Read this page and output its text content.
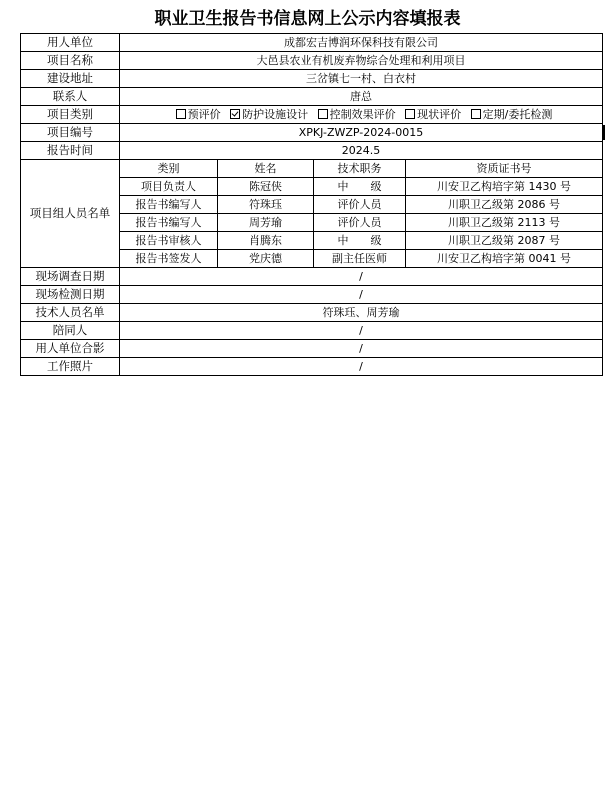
职业卫生报告书信息网上公示内容填报表
用人单位	成都宏吉博润环保科技有限公司			
项目名称	大邑县农业有机废弃物综合处理和利用项目			
建设地址	三岔镇七一村、白衣村			
联系人	唐总			
项目类别	预评价 防护设施设计 控制效果评价 现状评价 定期/委托检测			
项目编号	XPKJ-ZWZP-2024-0015			
报告时间	2024.5			
项目组人员名单	类别	姓名	技术职务	资质证书号
	项目负责人	陈冠侠	中　　级	川安卫乙构培字第 1430 号
	报告书编写人	符珠珏	评价人员	川职卫乙级第 2086 号
	报告书编写人	周芳瑜	评价人员	川职卫乙级第 2113 号
	报告书审核人	肖腾东	中　　级	川职卫乙级第 2087 号
	报告书签发人	党庆德	副主任医师	川安卫乙构培字第 0041 号
现场调查日期	/			
现场检测日期	/			
技术人员名单	符珠珏、周芳瑜			
陪同人	/			
用人单位合影	/			
工作照片	/			
